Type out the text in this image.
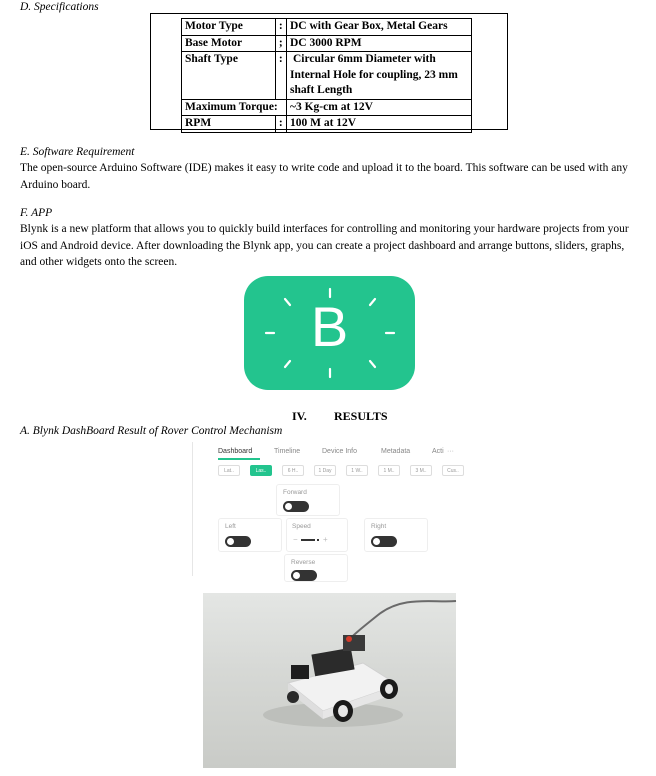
D. Specifications
Motor Type	:	DC with Gear Box, Metal Gears
Base Motor	;	DC 3000 RPM
Shaft Type	:	Circular 6mm Diameter with
Internal Hole for coupling, 23 mm
shaft Length

Maximum Torque:		~3 Kg-cm at 12V
RPM	:	100 M at 12V
E. Software Requirement
The open-source Arduino Software (IDE) makes it easy to write code and upload it to the board. This software can be used with any
Arduino board.
F. APP
Blynk is a new platform that allows you to quickly build interfaces for controlling and monitoring your hardware projects from your
iOS and Android device. After downloading the Blynk app, you can create a project dashboard and arrange buttons, sliders, graphs,
and other widgets onto the screen.
B
IV. RESULTS
A. Blynk DashBoard Result of Rover Control Mechanism
Dashboard	Timeline	Device Info	Metadata	Acti ···
Lat..	Las..	6 H..	1 Day	1 W..	1 M..	3 M..	Cus..
Forward
Left	Speed
−	+
Right
Reverse
